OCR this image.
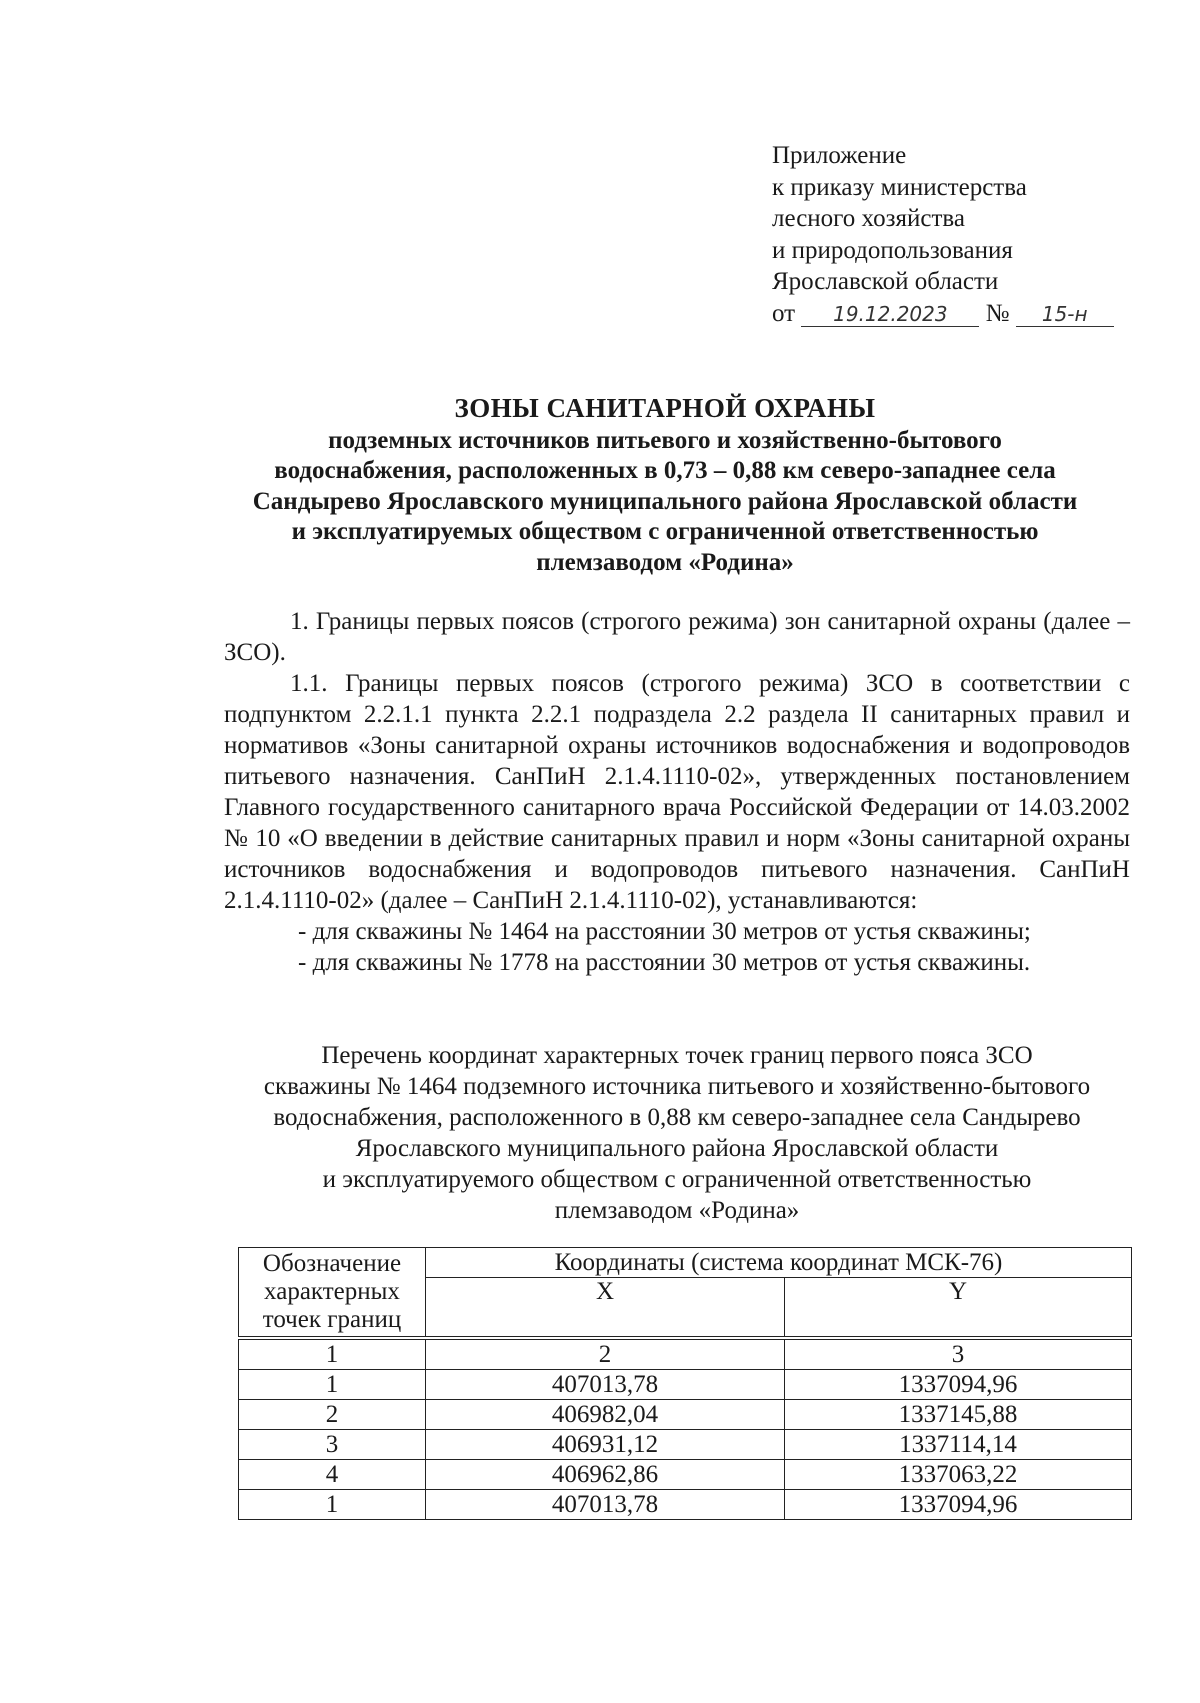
Приложение
к приказу министерства
лесного хозяйства
и природопользования
Ярославской области
от 19.12.2023 № 15-н
ЗОНЫ САНИТАРНОЙ ОХРАНЫ
подземных источников питьевого и хозяйственно-бытового
водоснабжения, расположенных в 0,73 – 0,88 км северо-западнее села
Сандырево Ярославского муниципального района Ярославской области
и эксплуатируемых обществом с ограниченной ответственностью
племзаводом «Родина»

1. Границы первых поясов (строгого режима) зон санитарной охраны (далее – ЗСО).

1.1. Границы первых поясов (строгого режима) ЗСО в соответствии с подпунктом 2.2.1.1 пункта 2.2.1 подраздела 2.2 раздела II санитарных правил и нормативов «Зоны санитарной охраны источников водоснабжения и водопроводов питьевого назначения. СанПиН 2.1.4.1110-02», утвержденных постановлением Главного государственного санитарного врача Российской Федерации от 14.03.2002 № 10 «О введении в действие санитарных правил и норм «Зоны санитарной охраны источников водоснабжения и водопроводов питьевого назначения. СанПиН 2.1.4.1110-02» (далее – СанПиН 2.1.4.1110-02), устанавливаются:

- для скважины № 1464 на расстоянии 30 метров от устья скважины;

- для скважины № 1778 на расстоянии 30 метров от устья скважины.

Перечень координат характерных точек границ первого пояса ЗСО
скважины № 1464 подземного источника питьевого и хозяйственно-бытового
водоснабжения, расположенного в 0,88 км северо-западнее села Сандырево
Ярославского муниципального района Ярославской области
и эксплуатируемого обществом с ограниченной ответственностью
племзаводом «Родина»
Обозначение характерных точек границ	Координаты (система координат МСК-76)	
	X	Y
1	2	3
1	407013,78	1337094,96
2	406982,04	1337145,88
3	406931,12	1337114,14
4	406962,86	1337063,22
1	407013,78	1337094,96
